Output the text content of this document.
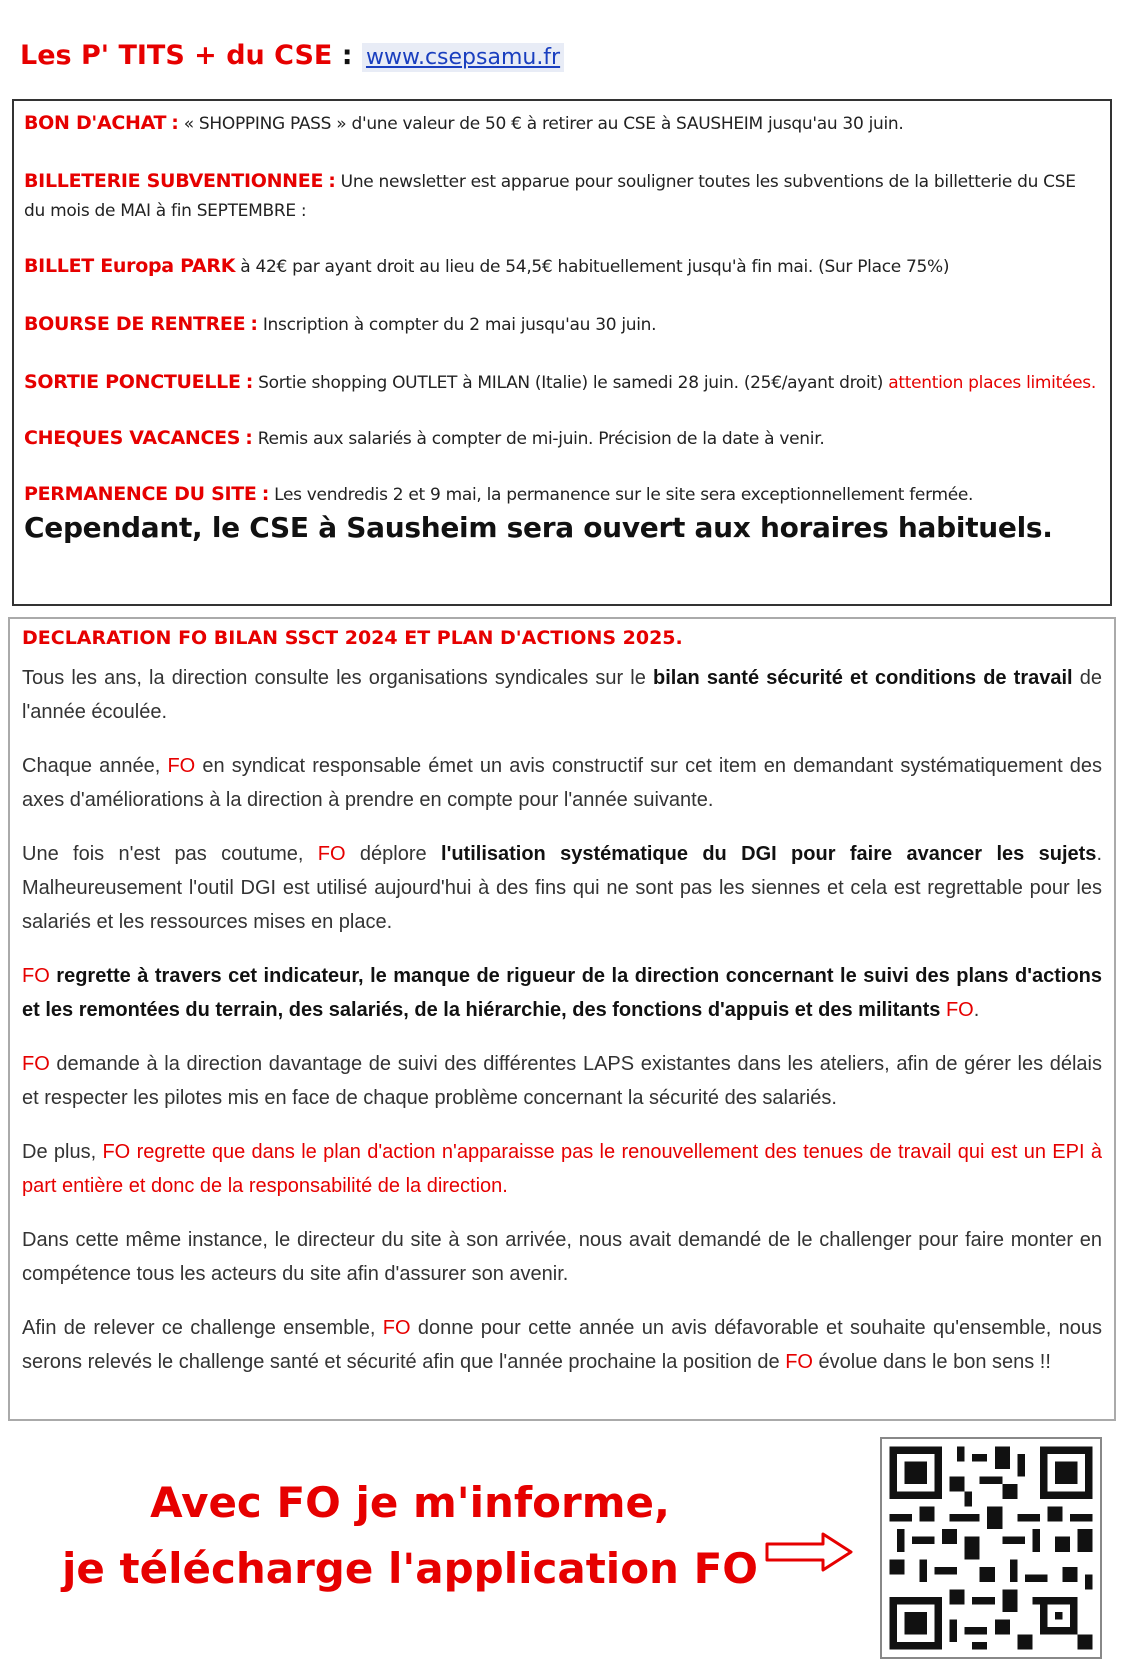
Les P' TITS + du CSE : www.csepsamu.fr

BON D'ACHAT : « SHOPPING PASS » d'une valeur de 50 € à retirer au CSE à SAUSHEIM jusqu'au 30 juin.

BILLETERIE SUBVENTIONNEE : Une newsletter est apparue pour souligner toutes les subventions de la billetterie du CSE du mois de MAI à fin SEPTEMBRE :

BILLET Europa PARK à 42€ par ayant droit au lieu de 54,5€ habituellement jusqu'à fin mai. (Sur Place 75%)

BOURSE DE RENTREE : Inscription à compter du 2 mai jusqu'au 30 juin.

SORTIE PONCTUELLE : Sortie shopping OUTLET à MILAN (Italie) le samedi 28 juin. (25€/ayant droit) attention places limitées.

CHEQUES VACANCES : Remis aux salariés à compter de mi-juin. Précision de la date à venir.

PERMANENCE DU SITE : Les vendredis 2 et 9 mai, la permanence sur le site sera exceptionnellement fermée.

Cependant, le CSE à Sausheim sera ouvert aux horaires habituels.

DECLARATION FO BILAN SSCT 2024 ET PLAN D'ACTIONS 2025.

Tous les ans, la direction consulte les organisations syndicales sur le bilan santé sécurité et conditions de travail de l'année écoulée.

Chaque année, FO en syndicat responsable émet un avis constructif sur cet item en demandant systématiquement des axes d'améliorations à la direction à prendre en compte pour l'année suivante.

Une fois n'est pas coutume, FO déplore l'utilisation systématique du DGI pour faire avancer les sujets. Malheureusement l'outil DGI est utilisé aujourd'hui à des fins qui ne sont pas les siennes et cela est regrettable pour les salariés et les ressources mises en place.

FO regrette à travers cet indicateur, le manque de rigueur de la direction concernant le suivi des plans d'actions et les remontées du terrain, des salariés, de la hiérarchie, des fonctions d'appuis et des militants FO.

FO demande à la direction davantage de suivi des différentes LAPS existantes dans les ateliers, afin de gérer les délais et respecter les pilotes mis en face de chaque problème concernant la sécurité des salariés.

De plus, FO regrette que dans le plan d'action n'apparaisse pas le renouvellement des tenues de travail qui est un EPI à part entière et donc de la responsabilité de la direction.

Dans cette même instance, le directeur du site à son arrivée, nous avait demandé de le challenger pour faire monter en compétence tous les acteurs du site afin d'assurer son avenir.

Afin de relever ce challenge ensemble, FO donne pour cette année un avis défavorable et souhaite qu'ensemble, nous serons relevés le challenge santé et sécurité afin que l'année prochaine la position de FO évolue dans le bon sens !!

Avec FO je m'informe,
je télécharge l'application FO
